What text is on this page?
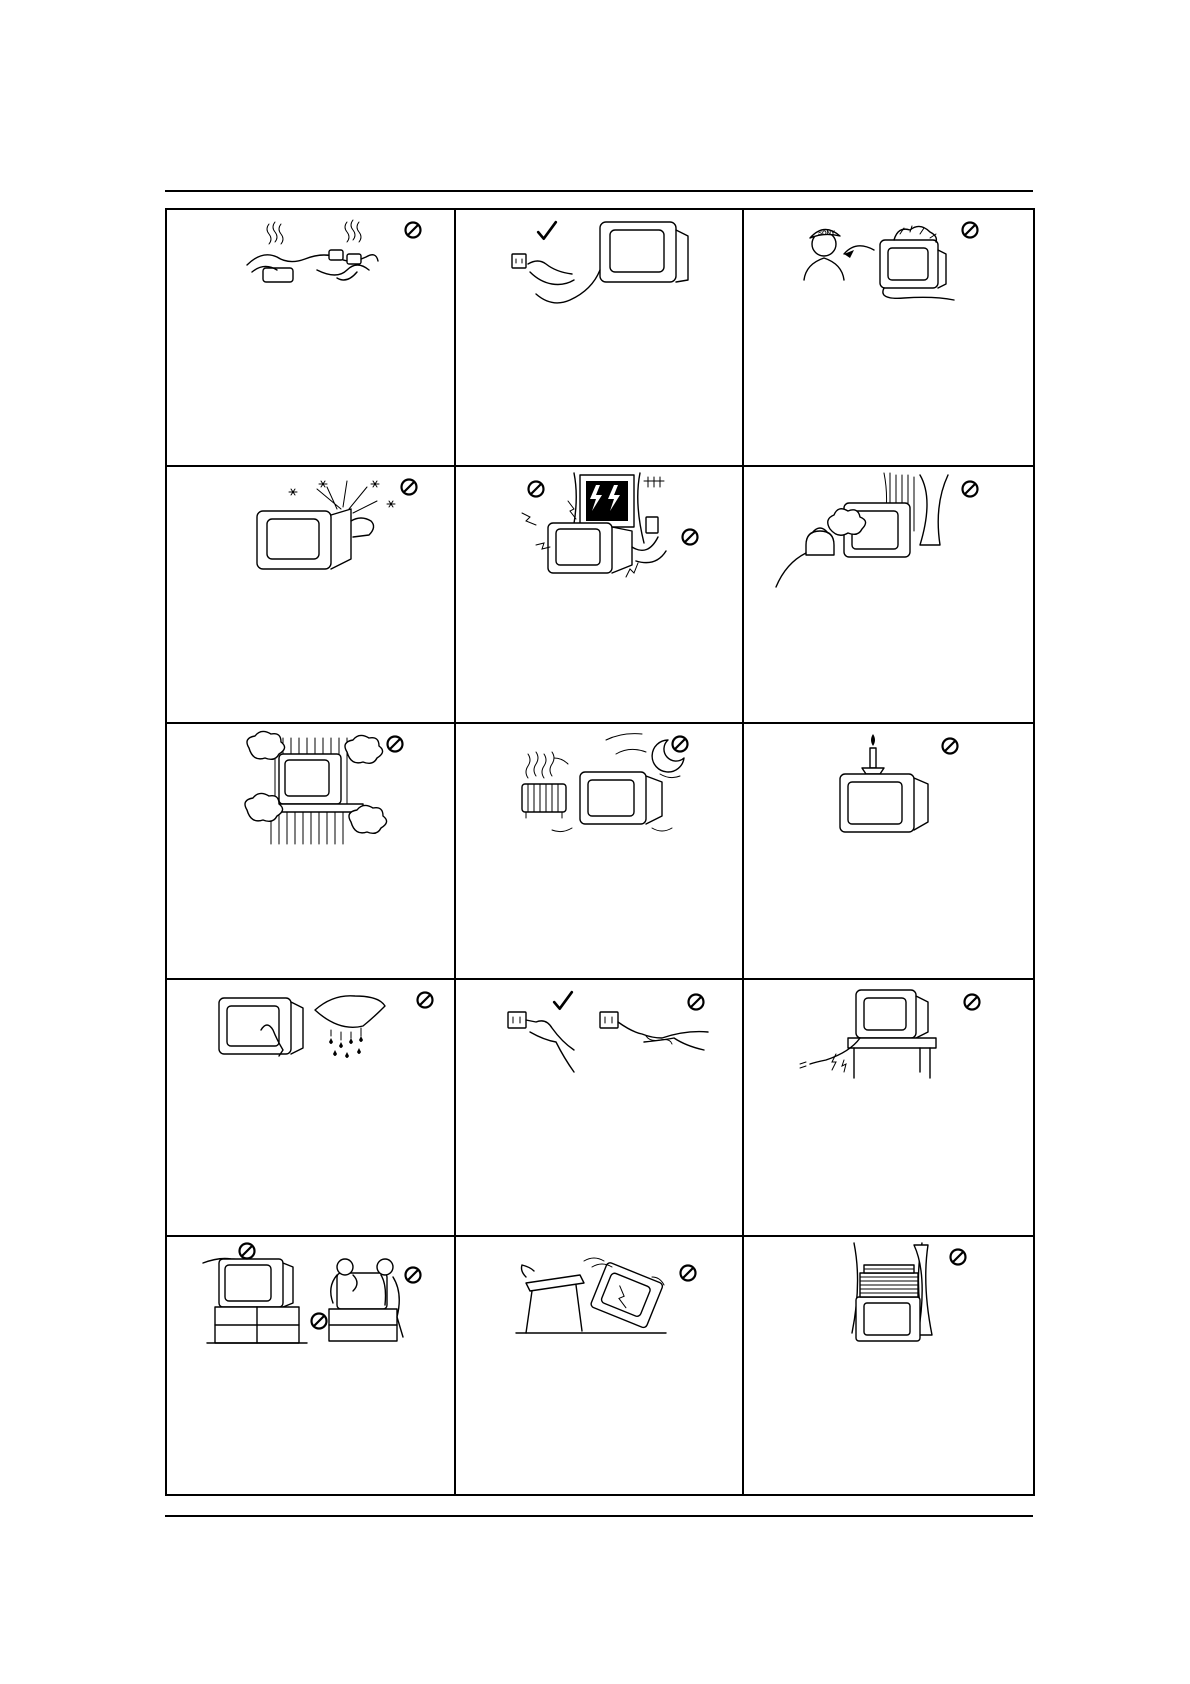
SONY
